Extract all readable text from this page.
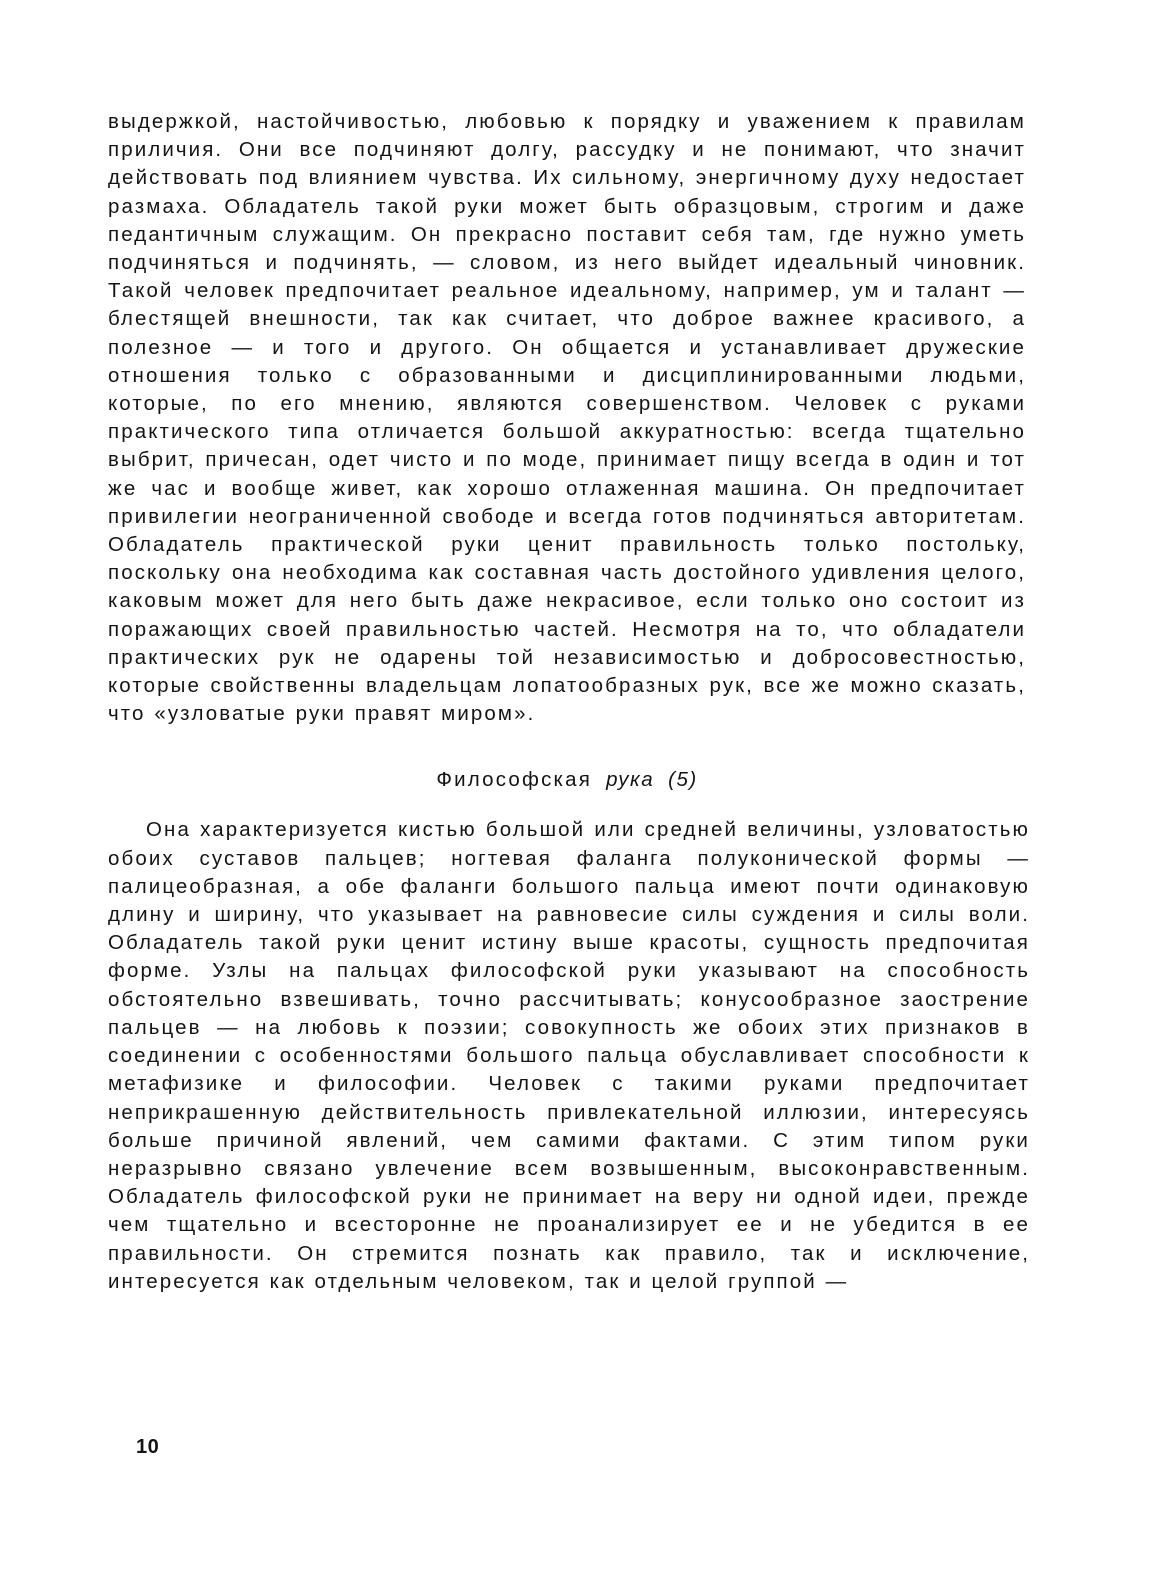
выдержкой, настойчивостью, любовью к порядку и уважением к правилам приличия. Они все подчиняют долгу, рассудку и не понимают, что значит действовать под влиянием чувства. Их сильному, энергичному духу недостает размаха. Обладатель такой руки может быть образцовым, строгим и даже педантичным служащим. Он прекрасно поставит себя там, где нужно уметь подчиняться и подчинять, — словом, из него выйдет идеальный чиновник. Такой человек предпочитает реальное идеальному, например, ум и талант — блестящей внешности, так как считает, что доброе важнее красивого, а полезное — и того и другого. Он общается и устанавливает дружеские отношения только с образованными и дисциплинированными людьми, которые, по его мнению, являются совершенством. Человек с руками практического типа отличается большой аккуратностью: всегда тщательно выбрит, причесан, одет чисто и по моде, принимает пищу всегда в один и тот же час и вообще живет, как хорошо отлаженная машина. Он предпочитает привилегии неограниченной свободе и всегда готов подчиняться авторитетам. Обладатель практической руки ценит правильность только постольку, поскольку она необходима как составная часть достойного удивления целого, каковым может для него быть даже некрасивое, если только оно состоит из поражающих своей правильностью частей. Несмотря на то, что обладатели практических рук не одарены той независимостью и добросовестностью, которые свойственны владельцам лопатообразных рук, все же можно сказать, что «узловатые руки правят миром».

Философская рука (5)

Она характеризуется кистью большой или средней величины, узловатостью обоих суставов пальцев; ногтевая фаланга полуконической формы — палицеобразная, а обе фаланги большого пальца имеют почти одинаковую длину и ширину, что указывает на равновесие силы суждения и силы воли. Обладатель такой руки ценит истину выше красоты, сущность предпочитая форме. Узлы на пальцах философской руки указывают на способность обстоятельно взвешивать, точно рассчитывать; конусообразное заострение пальцев — на любовь к поэзии; совокупность же обоих этих признаков в соединении с особенностями большого пальца обуславливает способности к метафизике и философии. Человек с такими руками предпочитает неприкрашенную действительность привлекательной иллюзии, интересуясь больше причиной явлений, чем самими фактами. С этим типом руки неразрывно связано увлечение всем возвышенным, высоконравственным. Обладатель философской руки не принимает на веру ни одной идеи, прежде чем тщательно и всесторонне не проанализирует ее и не убедится в ее правильности. Он стремится познать как правило, так и исключение, интересуется как отдельным человеком, так и целой группой —

10
